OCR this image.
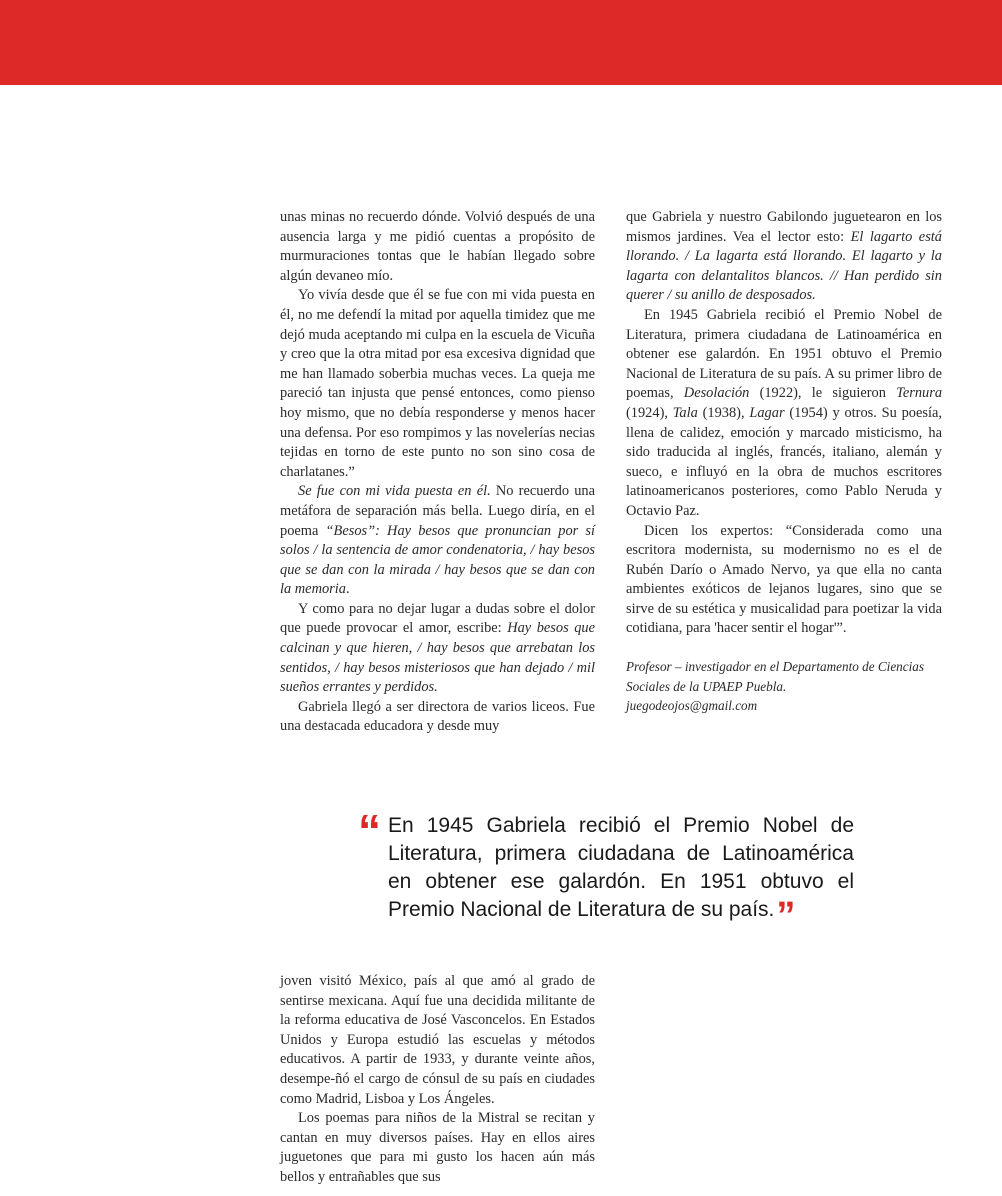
unas minas no recuerdo dónde. Volvió después de una ausencia larga y me pidió cuentas a propósito de murmuraciones tontas que le habían llegado sobre algún devaneo mío.

Yo vivía desde que él se fue con mi vida puesta en él, no me defendí la mitad por aquella timidez que me dejó muda aceptando mi culpa en la escuela de Vicuña y creo que la otra mitad por esa excesiva dignidad que me han llamado soberbia muchas veces. La queja me pareció tan injusta que pensé entonces, como pienso hoy mismo, que no debía responderse y menos hacer una defensa. Por eso rompimos y las novelerías necias tejidas en torno de este punto no son sino cosa de charlatanes.”

Se fue con mi vida puesta en él. No recuerdo una metáfora de separación más bella. Luego diría, en el poema “Besos”: Hay besos que pronuncian por sí solos / la sentencia de amor condenatoria, / hay besos que se dan con la mirada / hay besos que se dan con la memoria.

Y como para no dejar lugar a dudas sobre el dolor que puede provocar el amor, escribe: Hay besos que calcinan y que hieren, / hay besos que arrebatan los sentidos, / hay besos misteriosos que han dejado / mil sueños errantes y perdidos.

Gabriela llegó a ser directora de varios liceos. Fue una destacada educadora y desde muy

que Gabriela y nuestro Gabilondo juguetearon en los mismos jardines. Vea el lector esto: El lagarto está llorando. / La lagarta está llorando. El lagarto y la lagarta con delantalitos blancos. // Han perdido sin querer / su anillo de desposados.

En 1945 Gabriela recibió el Premio Nobel de Literatura, primera ciudadana de Latinoamérica en obtener ese galardón. En 1951 obtuvo el Premio Nacional de Literatura de su país. A su primer libro de poemas, Desolación (1922), le siguieron Ternura (1924), Tala (1938), Lagar (1954) y otros. Su poesía, llena de calidez, emoción y marcado misticismo, ha sido traducida al inglés, francés, italiano, alemán y sueco, e influyó en la obra de muchos escritores latinoamericanos posteriores, como Pablo Neruda y Octavio Paz.

Dicen los expertos: “Considerada como una escritora modernista, su modernismo no es el de Rubén Darío o Amado Nervo, ya que ella no canta ambientes exóticos de lejanos lugares, sino que se sirve de su estética y musicalidad para poetizar la vida cotidiana, para 'hacer sentir el hogar'”.

Profesor – investigador en el Departamento de Ciencias
Sociales de la UPAEP Puebla.
juegodeojos@gmail.com
“ En 1945 Gabriela recibió el Premio Nobel de Literatura, primera ciudadana de Latinoamérica en obtener ese galardón. En 1951 obtuvo el Premio Nacional de Literatura de su país.”

joven visitó México, país al que amó al grado de sentirse mexicana. Aquí fue una decidida militante de la reforma educativa de José Vasconcelos. En Estados Unidos y Europa estudió las escuelas y métodos educativos. A partir de 1933, y durante veinte años, desempe-ñó el cargo de cónsul de su país en ciudades como Madrid, Lisboa y Los Ángeles.

Los poemas para niños de la Mistral se recitan y cantan en muy diversos países. Hay en ellos aires juguetones que para mi gusto los hacen aún más bellos y entrañables que sus
